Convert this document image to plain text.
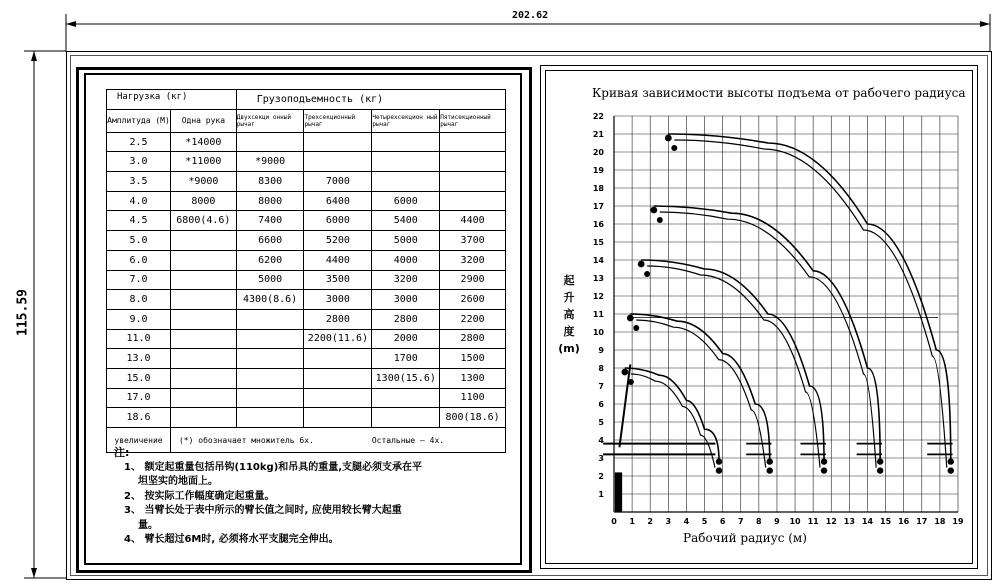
202.62
115.59
Нагрузка (кг)		Грузоподъемность (кг)			
Амплитуда (M)	Одна рука	Двухсекци онный рычаг	Трехсекционный рычаг	Четырехсекцион ный рычаг	Пятисекционный рычаг
2.5	*14000				
3.0	*11000	*9000			
3.5	*9000	8300	7000		
4.0	8000	8000	6400	6000	
4.5	6800(4.6)	7400	6000	5400	4400
5.0		6600	5200	5000	3700
6.0		6200	4400	4000	3200
7.0		5000	3500	3200	2900
8.0		4300(8.6)	3000	3000	2600
9.0			2800	2800	2200
11.0			2200(11.6)	2000	2800
13.0				1700	1500
15.0				1300(15.6)	1300
17.0					1100
18.6					800(18.6)
увеличение	(*) обозначает множитель 6x.			Остальные — 4x.	
注:
1、 额定起重量包括吊钩(110kg)和吊具的重量,支腿必须支承在平
坦坚实的地面上。
2、 按实际工作幅度确定起重量。
3、 当臂长处于表中所示的臂长值之间时, 应使用较长臂大起重
量。
4、 臂长超过6M时, 必须将水平支腿完全伸出。
Кривая зависимости высоты подъема от рабочего радиуса
起
升
高
度
(m)
Рабочий радиус (м)
0 1 2 3 4 5 6 7 8 9 10 11 12 13 14 15 16 17 18 19
1
2
3
4
5
6
7
8
9
10
11
12
13
14
15
16
17
18
19
20
21
22
